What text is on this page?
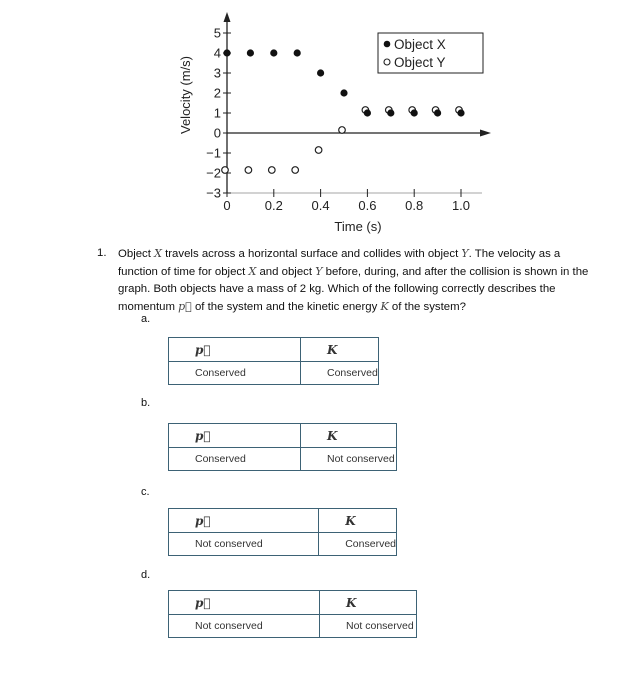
5
4
3
2
1
0
−1
−2
−3
0	0.2 0.4 0.6 0.8 1.0
Time (s)
Velocity (m/s)
Object X
Object Y
1. Object X travels across a horizontal surface and collides with object Y. The velocity as a function of time for object X and object Y before, during, and after the collision is shown in the graph. Both objects have a mass of 2 kg. Which of the following correctly describes the momentum p⃗ of the system and the kinetic energy K of the system?
a.
p⃗	K
Conserved	Conserved
b.
p⃗	K
Conserved	Not conserved
c.
p⃗	K
Not conserved	Conserved
d.
p⃗	K
Not conserved	Not conserved
